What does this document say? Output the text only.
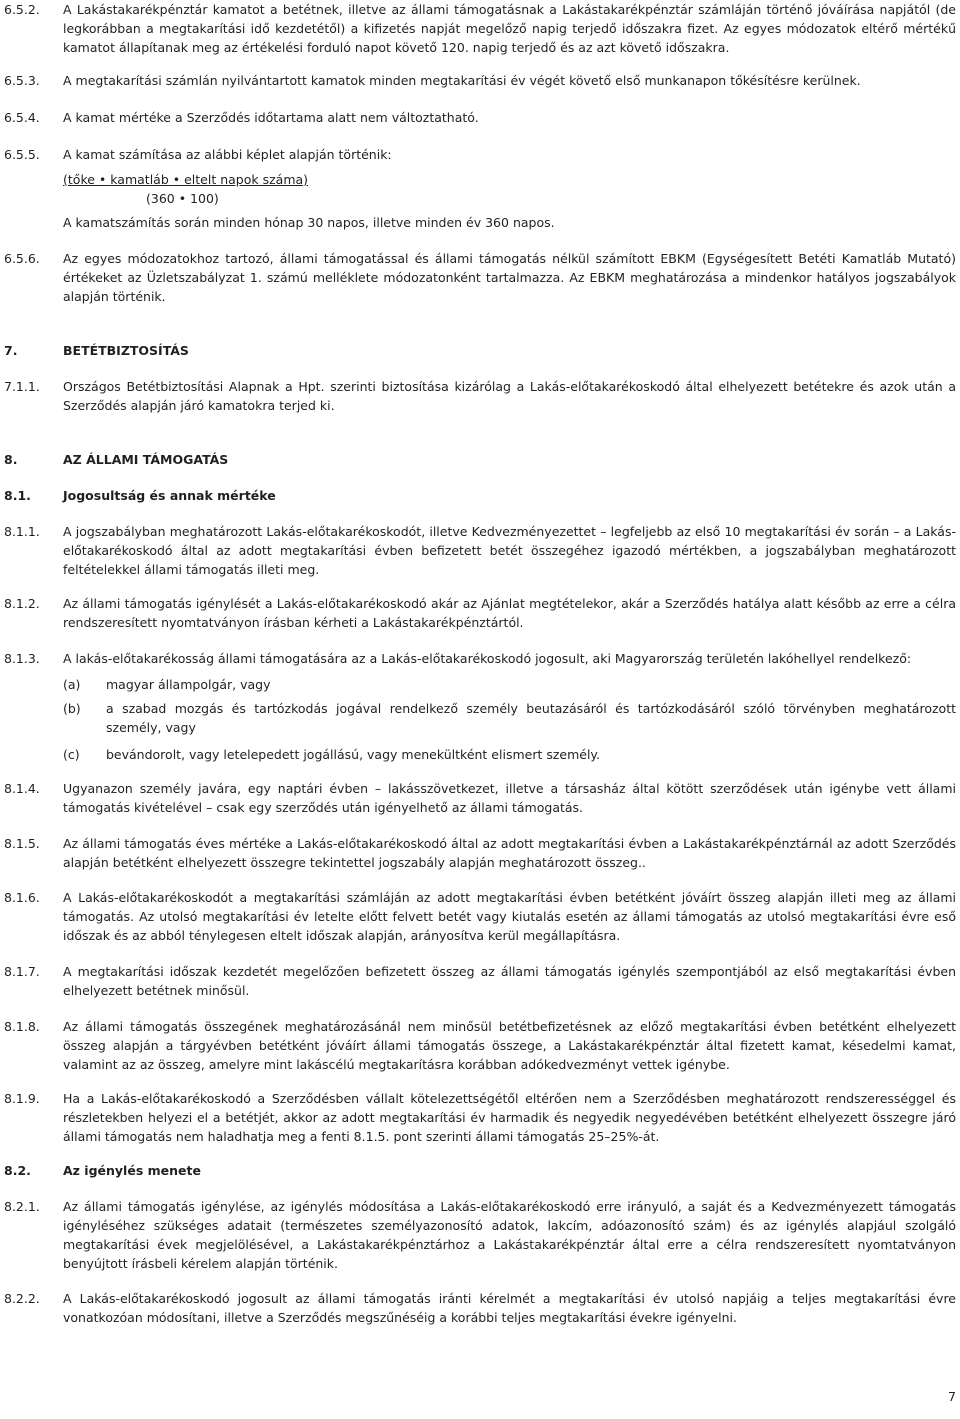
6.5.2. A Lakástakarékpénztár kamatot a betétnek, illetve az állami támogatásnak a Lakástakarékpénztár számláján történő jóváírása napjától (de legkorábban a megtakarítási idő kezdetétől) a kifizetés napját megelőző napig terjedő időszakra fizet. Az egyes módozatok eltérő mértékű kamatot állapítanak meg az értékelési forduló napot követő 120. napig terjedő és az azt követő időszakra.
6.5.3. A megtakarítási számlán nyilvántartott kamatok minden megtakarítási év végét követő első munkanapon tőkésítésre kerülnek.
6.5.4. A kamat mértéke a Szerződés időtartama alatt nem változtatható.
6.5.5. A kamat számítása az alábbi képlet alapján történik:
(tőke • kamatláb • eltelt napok száma)
(360 • 100)
A kamatszámítás során minden hónap 30 napos, illetve minden év 360 napos.
6.5.6. Az egyes módozatokhoz tartozó, állami támogatással és állami támogatás nélkül számított EBKM (Egységesített Betéti Kamatláb Mutató) értékeket az Üzletszabályzat 1. számú melléklete módozatonként tartalmazza. Az EBKM meghatározása a mindenkor hatályos jogszabályok alapján történik.
7.	BETÉTBIZTOSÍTÁS
7.1.1. Országos Betétbiztosítási Alapnak a Hpt. szerinti biztosítása kizárólag a Lakás-előtakarékoskodó által elhelyezett betétekre és azok után a Szerződés alapján járó kamatokra terjed ki.
8.	AZ ÁLLAMI TÁMOGATÁS
8.1.	Jogosultság és annak mértéke
8.1.1. A jogszabályban meghatározott Lakás-előtakarékoskodót, illetve Kedvezményezettet – legfeljebb az első 10 megtakarítási év során – a Lakás-előtakarékoskodó által az adott megtakarítási évben befizetett betét összegéhez igazodó mértékben, a jogszabályban meghatározott feltételekkel állami támogatás illeti meg.
8.1.2. Az állami támogatás igénylését a Lakás-előtakarékoskodó akár az Ajánlat megtételekor, akár a Szerződés hatálya alatt később az erre a célra rendszeresített nyomtatványon írásban kérheti a Lakástakarékpénztártól.
8.1.3. A lakás-előtakarékosság állami támogatására az a Lakás-előtakarékoskodó jogosult, aki Magyarország területén lakóhellyel rendelkező:
(a) magyar állampolgár, vagy
(b) a szabad mozgás és tartózkodás jogával rendelkező személy beutazásáról és tartózkodásáról szóló törvényben meghatározott személy, vagy
(c) bevándorolt, vagy letelepedett jogállású, vagy menekültként elismert személy.
8.1.4. Ugyanazon személy javára, egy naptári évben – lakásszövetkezet, illetve a társasház által kötött szerződések után igénybe vett állami támogatás kivételével – csak egy szerződés után igényelhető az állami támogatás.
8.1.5. Az állami támogatás éves mértéke a Lakás-előtakarékoskodó által az adott megtakarítási évben a Lakástakarékpénztárnál az adott Szerződés alapján betétként elhelyezett összegre tekintettel jogszabály alapján meghatározott összeg..
8.1.6. A Lakás-előtakarékoskodót a megtakarítási számláján az adott megtakarítási évben betétként jóváírt összeg alapján illeti meg az állami támogatás. Az utolsó megtakarítási év letelte előtt felvett betét vagy kiutalás esetén az állami támogatás az utolsó megtakarítási évre eső időszak és az abból ténylegesen eltelt időszak alapján, arányosítva kerül megállapításra.
8.1.7. A megtakarítási időszak kezdetét megelőzően befizetett összeg az állami támogatás igénylés szempontjából az első megtakarítási évben elhelyezett betétnek minősül.
8.1.8. Az állami támogatás összegének meghatározásánál nem minősül betétbefizetésnek az előző megtakarítási évben betétként elhelyezett összeg alapján a tárgyévben betétként jóváírt állami támogatás összege, a Lakástakarékpénztár által fizetett kamat, késedelmi kamat, valamint az az összeg, amelyre mint lakáscélú megtakarításra korábban adókedvezményt vettek igénybe.
8.1.9. Ha a Lakás-előtakarékoskodó a Szerződésben vállalt kötelezettségétől eltérően nem a Szerződésben meghatározott rendszerességgel és részletekben helyezi el a betétjét, akkor az adott megtakarítási év harmadik és negyedik negyedévében betétként elhelyezett összegre járó állami támogatás nem haladhatja meg a fenti 8.1.5. pont szerinti állami támogatás 25–25%-át.
8.2.	Az igénylés menete
8.2.1. Az állami támogatás igénylése, az igénylés módosítása a Lakás-előtakarékoskodó erre irányuló, a saját és a Kedvezményezett támogatás igényléséhez szükséges adatait (természetes személyazonosító adatok, lakcím, adóazonosító szám) és az igénylés alapjául szolgáló megtakarítási évek megjelölésével, a Lakástakarékpénztárhoz a Lakástakarékpénztár által erre a célra rendszeresített nyomtatványon benyújtott írásbeli kérelem alapján történik.
8.2.2. A Lakás-előtakarékoskodó jogosult az állami támogatás iránti kérelmét a megtakarítási év utolsó napjáig a teljes megtakarítási évre vonatkozóan módosítani, illetve a Szerződés megszűnéséig a korábbi teljes megtakarítási évekre igényelni.
7
